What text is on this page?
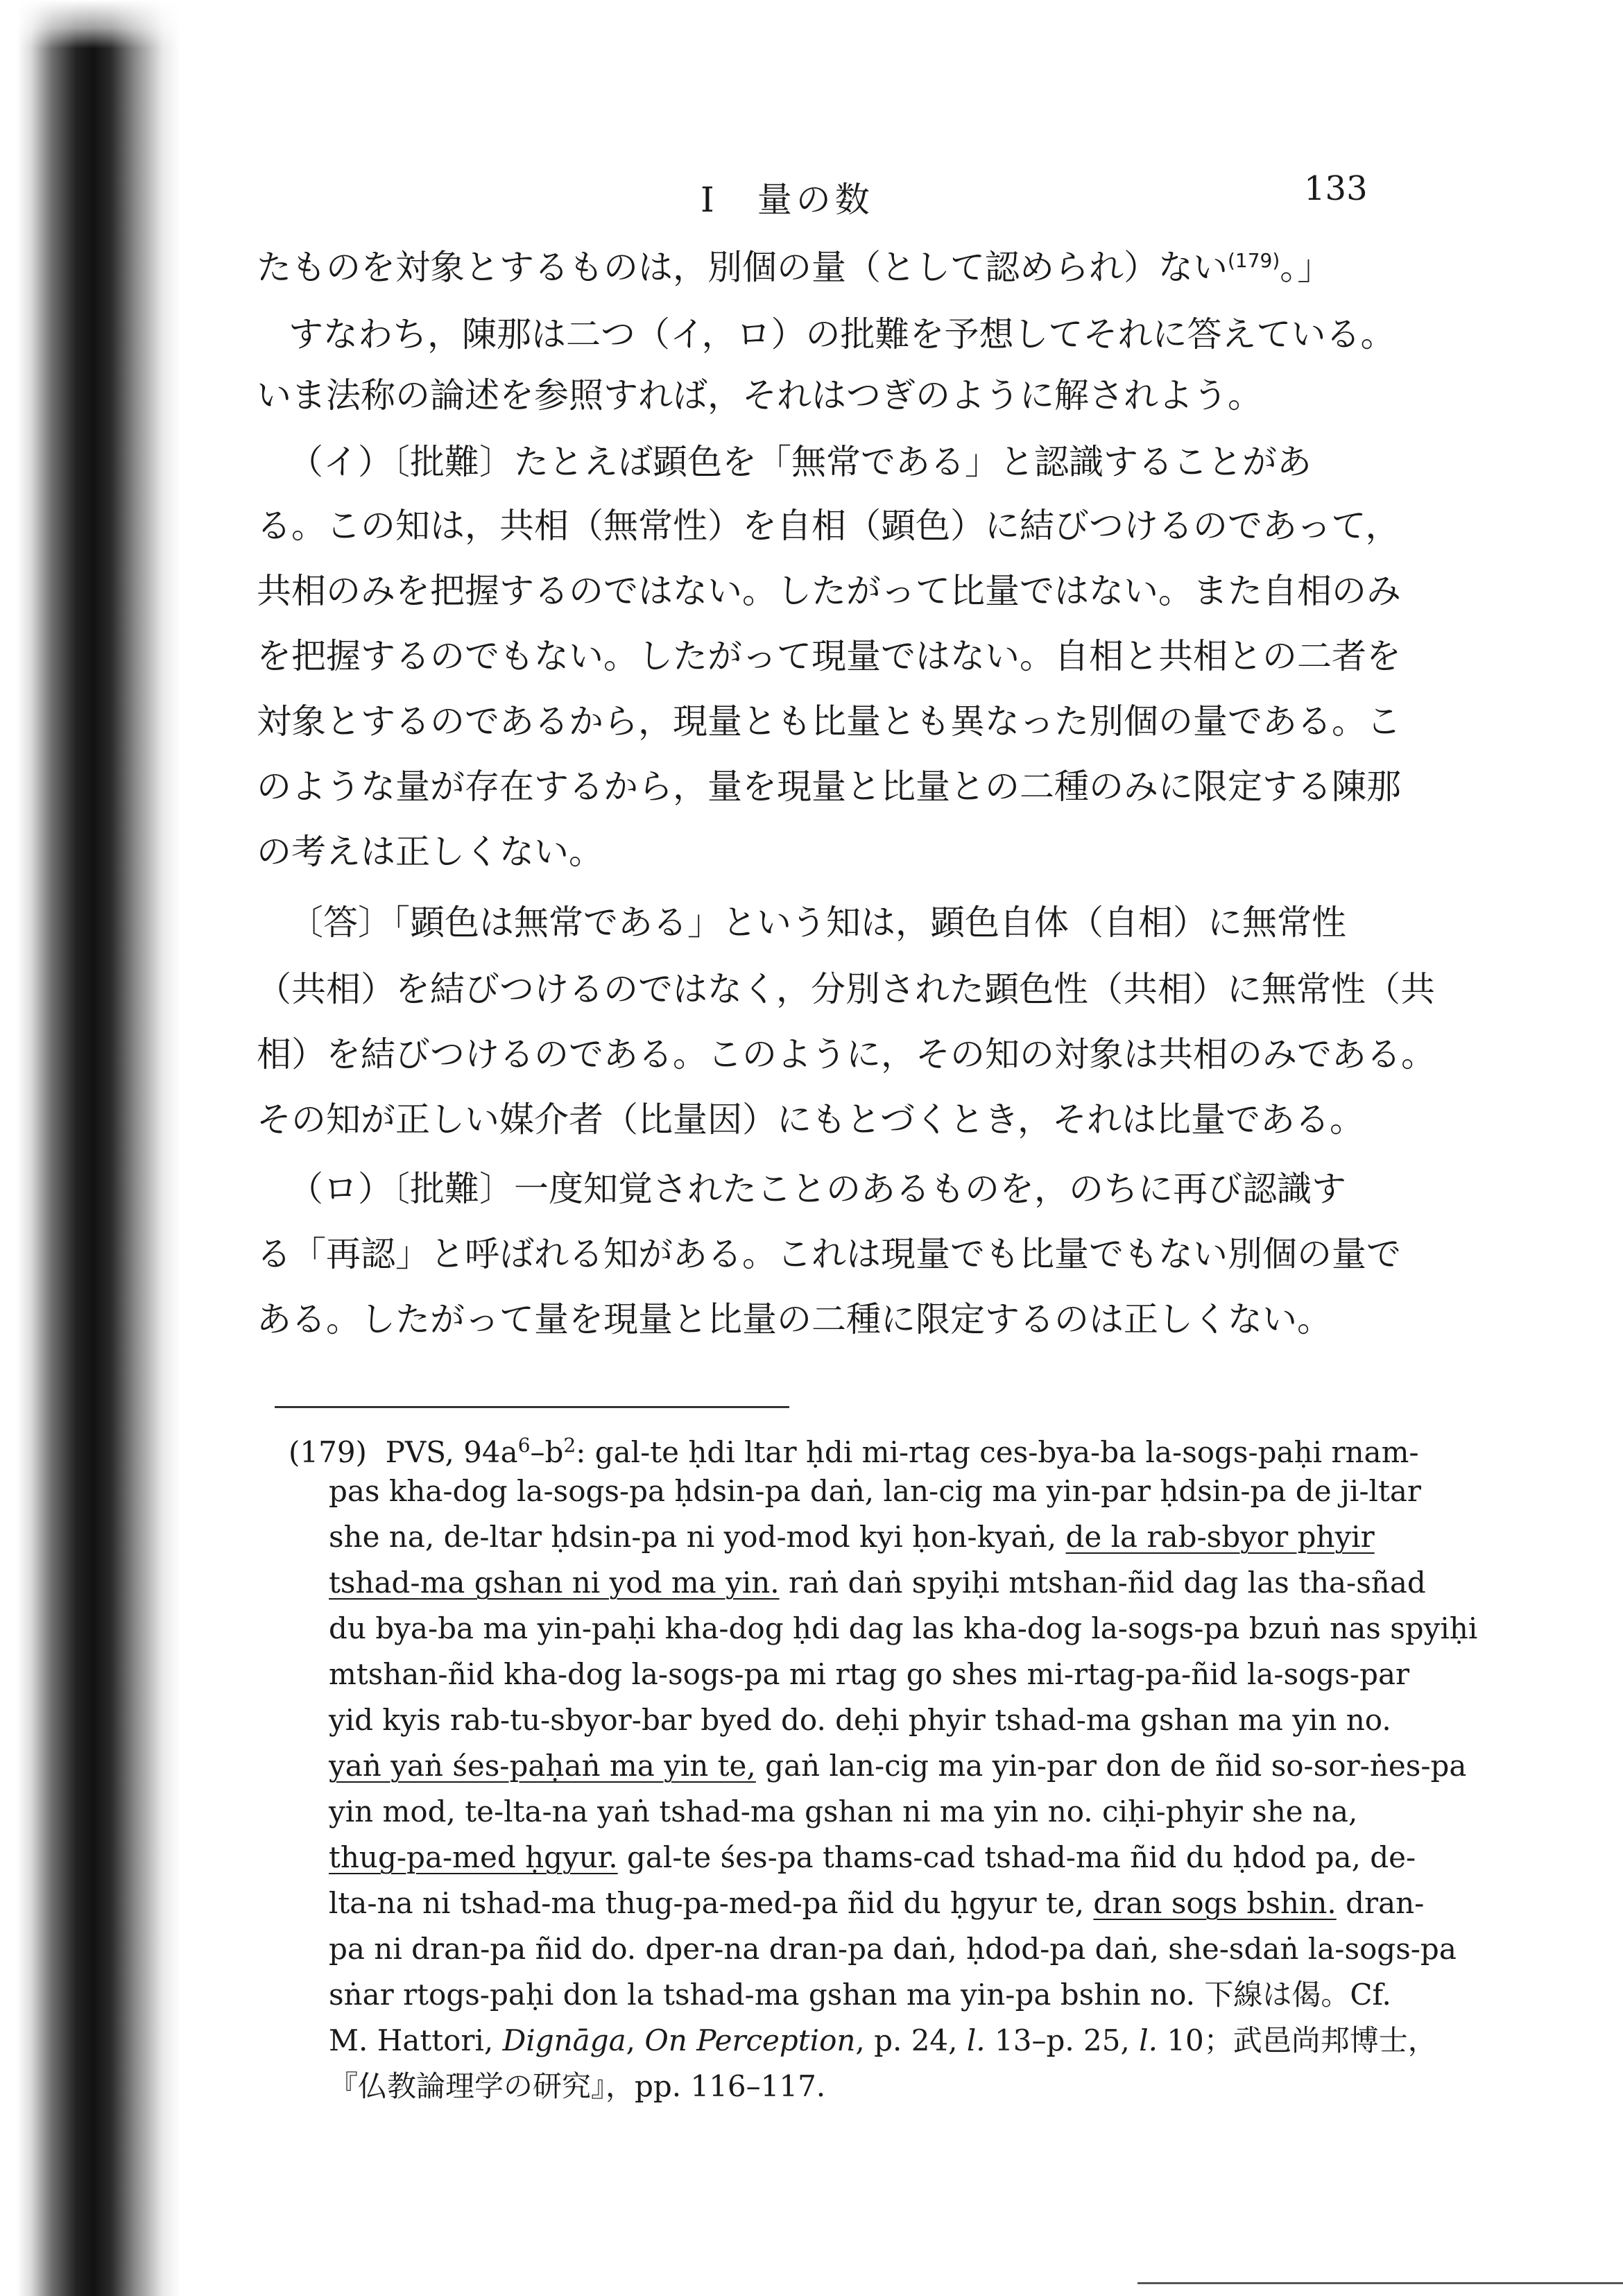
I　量の数	133
たものを対象とするものは，別個の量（として認められ）ない$^{(179)}$。」
すなわち，陳那は二つ（イ，ロ）の批難を予想してそれに答えている。
いま法称の論述を参照すれば，それはつぎのように解されよう。
（イ）〔批難〕たとえば顕色を「無常である」と認識することがあ
る。この知は，共相（無常性）を自相（顕色）に結びつけるのであって，
共相のみを把握するのではない。したがって比量ではない。また自相のみ
を把握するのでもない。したがって現量ではない。自相と共相との二者を
対象とするのであるから，現量とも比量とも異なった別個の量である。こ
のような量が存在するから，量を現量と比量との二種のみに限定する陳那
の考えは正しくない。
〔答〕「顕色は無常である」という知は，顕色自体（自相）に無常性
（共相）を結びつけるのではなく，分別された顕色性（共相）に無常性（共
相）を結びつけるのである。このように，その知の対象は共相のみである。
その知が正しい媒介者（比量因）にもとづくとき，それは比量である。
（ロ）〔批難〕一度知覚されたことのあるものを，のちに再び認識す
る「再認」と呼ばれる知がある。これは現量でも比量でもない別個の量で
ある。したがって量を現量と比量の二種に限定するのは正しくない。
(179) PVS, $94a^6-b^2$: gal-te ḥdi ltar ḥdi mi-rtag ces-bya-ba la-sogs-paḥi rnam-
pas kha-dog la-sogs-pa ḥdsin-pa daṅ, lan-cig ma yin-par ḥdsin-pa de ji-ltar
she na, de-ltar ḥdsin-pa ni yod-mod kyi ḥon-kyaṅ, de la rab-sbyor phyir
tshad-ma gshan ni yod ma yin. raṅ daṅ spyiḥi mtshan-ñid dag las tha-sñad
du bya-ba ma yin-paḥi kha-dog ḥdi dag las kha-dog la-sogs-pa bzuṅ nas spyiḥi
mtshan-ñid kha-dog la-sogs-pa mi rtag go shes mi-rtag-pa-ñid la-sogs-par
yid kyis rab-tu-sbyor-bar byed do. deḥi phyir tshad-ma gshan ma yin no.
yaṅ yaṅ śes-paḥaṅ ma yin te, gaṅ lan-cig ma yin-par don de ñid so-sor-ṅes-pa
yin mod, te-lta-na yaṅ tshad-ma gshan ni ma yin no. ciḥi-phyir she na,
thug-pa-med ḥgyur. gal-te śes-pa thams-cad tshad-ma ñid du ḥdod pa, de-
lta-na ni tshad-ma thug-pa-med-pa ñid du ḥgyur te, dran sogs bshin. dran-
pa ni dran-pa ñid do. dper-na dran-pa daṅ, ḥdod-pa daṅ, she-sdaṅ la-sogs-pa
sṅar rtogs-paḥi don la tshad-ma gshan ma yin-pa bshin no. 下線は偈。Cf.
M. Hattori, Dignāga, On Perception, p. 24, l. 13–p. 25, l. 10；武邑尚邦博士，
『仏教論理学の研究』，pp. 116–117.
